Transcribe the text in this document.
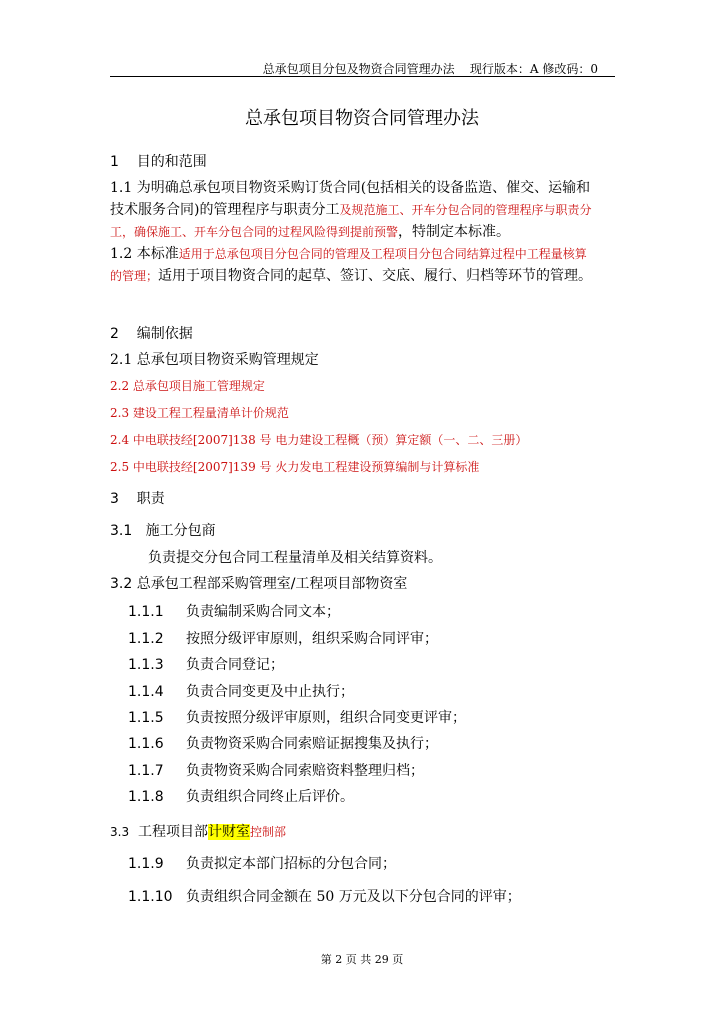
总承包项目分包及物资合同管理办法 现行版本：A 修改码：0
总承包项目物资合同管理办法
1 目的和范围
1.1 为明确总承包项目物资采购订货合同(包括相关的设备监造、催交、运输和
技术服务合同)的管理程序与职责分工及规范施工、开车分包合同的管理程序与职责分
工，确保施工、开车分包合同的过程风险得到提前预警，特制定本标准。
1.2 本标准适用于总承包项目分包合同的管理及工程项目分包合同结算过程中工程量核算
的管理；适用于项目物资合同的起草、签订、交底、履行、归档等环节的管理。
2 编制依据
2.1 总承包项目物资采购管理规定
2.2 总承包项目施工管理规定
2.3 建设工程工程量清单计价规范
2.4 中电联技经[2007]138 号 电力建设工程概（预）算定额（一、二、三册）
2.5 中电联技经[2007]139 号 火力发电工程建设预算编制与计算标准
3 职责
3.1 施工分包商
负责提交分包合同工程量清单及相关结算资料。
3.2 总承包工程部采购管理室/工程项目部物资室
1.1.1 负责编制采购合同文本；
1.1.2 按照分级评审原则，组织采购合同评审；
1.1.3 负责合同登记；
1.1.4 负责合同变更及中止执行；
1.1.5 负责按照分级评审原则，组织合同变更评审；
1.1.6 负责物资采购合同索赔证据搜集及执行；
1.1.7 负责物资采购合同索赔资料整理归档；
1.1.8 负责组织合同终止后评价。
3.3 工程项目部计财室控制部
1.1.9 负责拟定本部门招标的分包合同；
1.1.10 负责组织合同金额在 50 万元及以下分包合同的评审；
第 2 页 共 29 页
